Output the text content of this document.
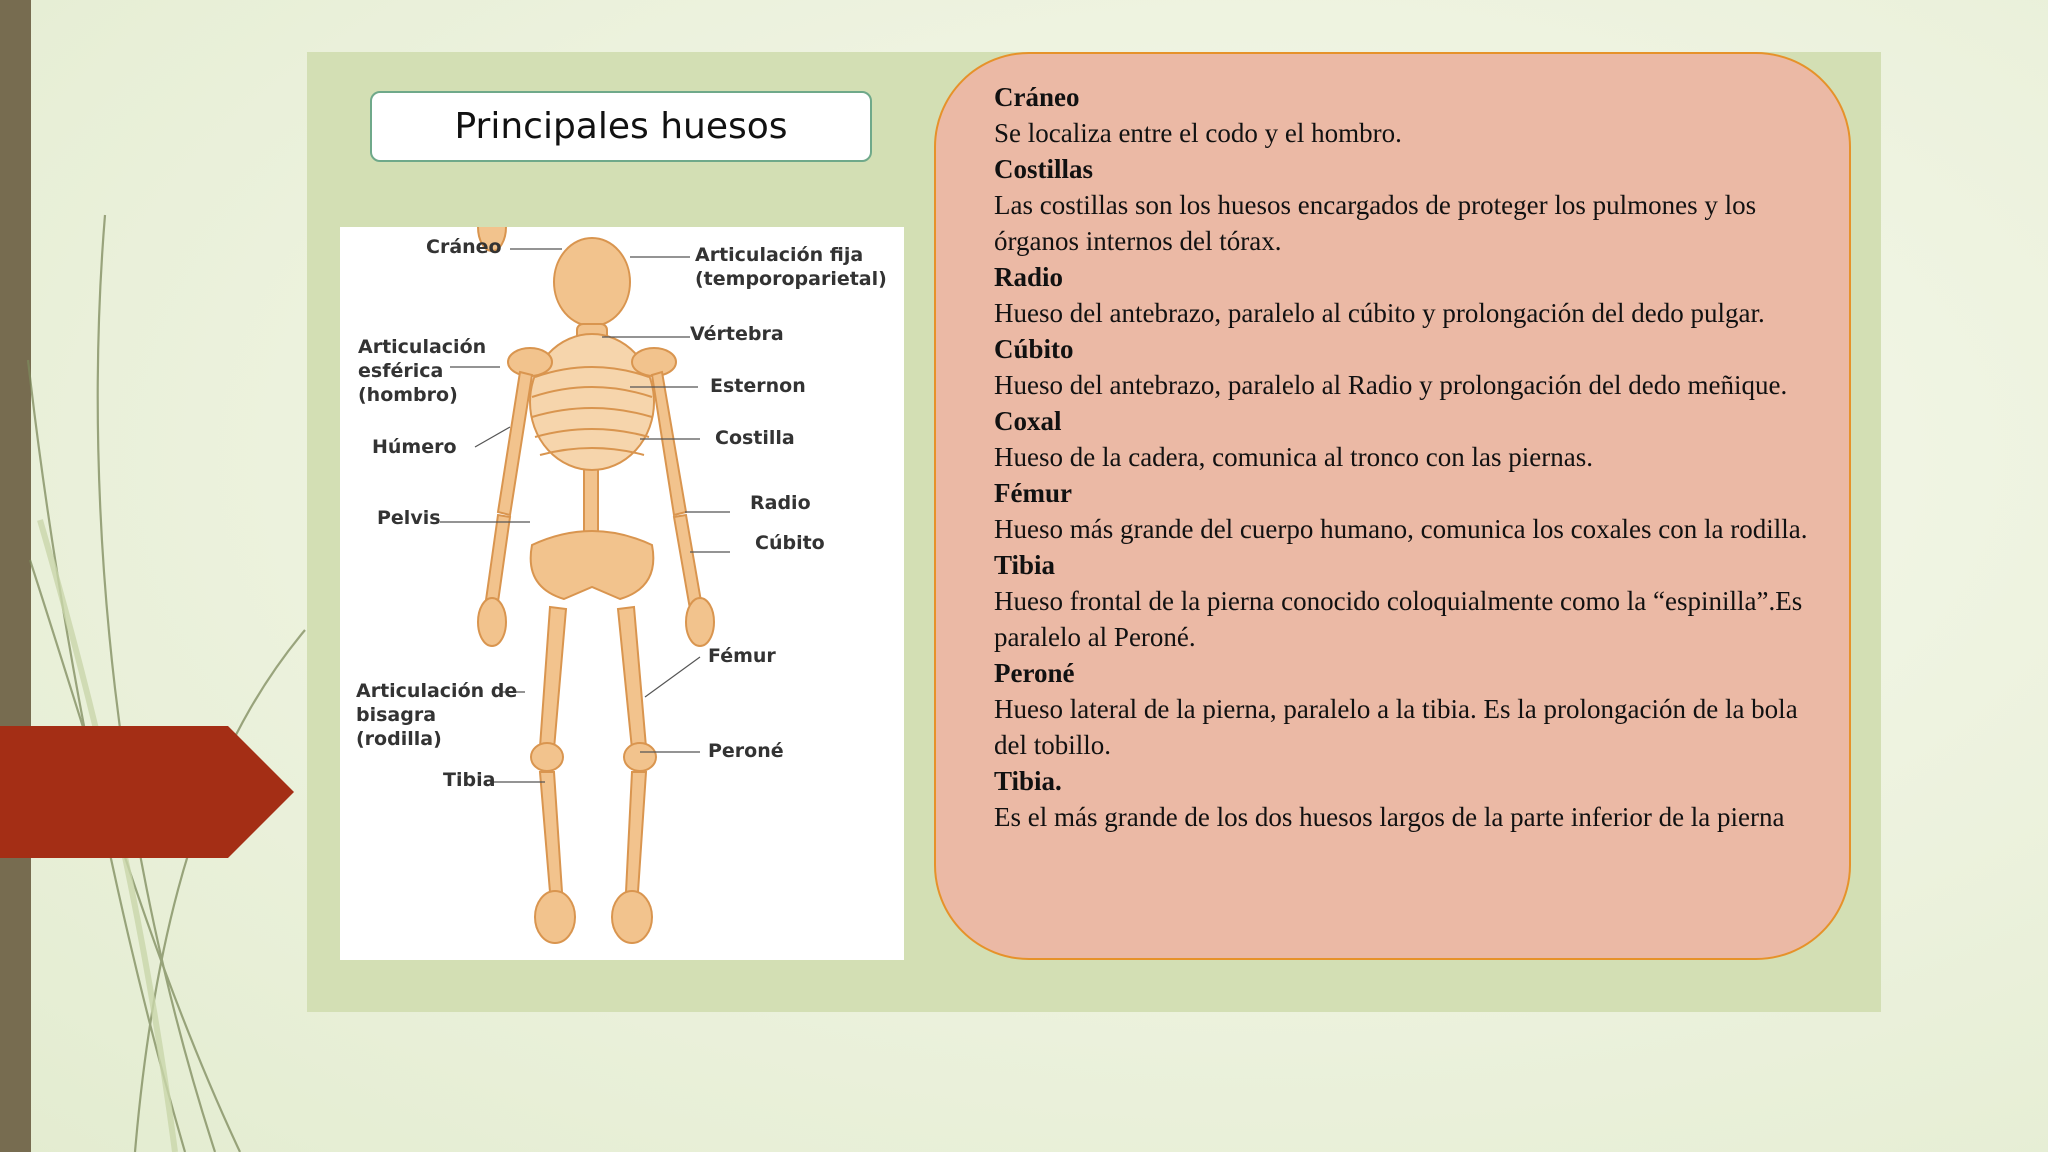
Principales huesos
Cráneo	Articulación fija
(temporoparietal)
Vértebra
Articulación
esférica
(hombro)	Esternon
Húmero	Costilla
Pelvis
Radio
Cúbito
Fémur
Articulación de
bisagra
(rodilla)
Peroné
Tibia
Cráneo
Se localiza entre el codo y el hombro.
Costillas
Las costillas son los huesos encargados de proteger los pulmones y los órganos internos del tórax.
Radio
Hueso del antebrazo, paralelo al cúbito y prolongación del dedo pulgar.
Cúbito
Hueso del antebrazo, paralelo al Radio y prolongación del dedo meñique.
Coxal
Hueso de la cadera, comunica al tronco con las piernas.
Fémur
Hueso más grande del cuerpo humano, comunica los coxales con la rodilla.
Tibia
Hueso frontal de la pierna conocido coloquialmente como la “espinilla”.Es paralelo al Peroné.
Peroné
Hueso lateral de la pierna, paralelo a la tibia. Es la prolongación de la bola del tobillo.
Tibia.
Es el más grande de los dos huesos largos de la parte inferior de la pierna
